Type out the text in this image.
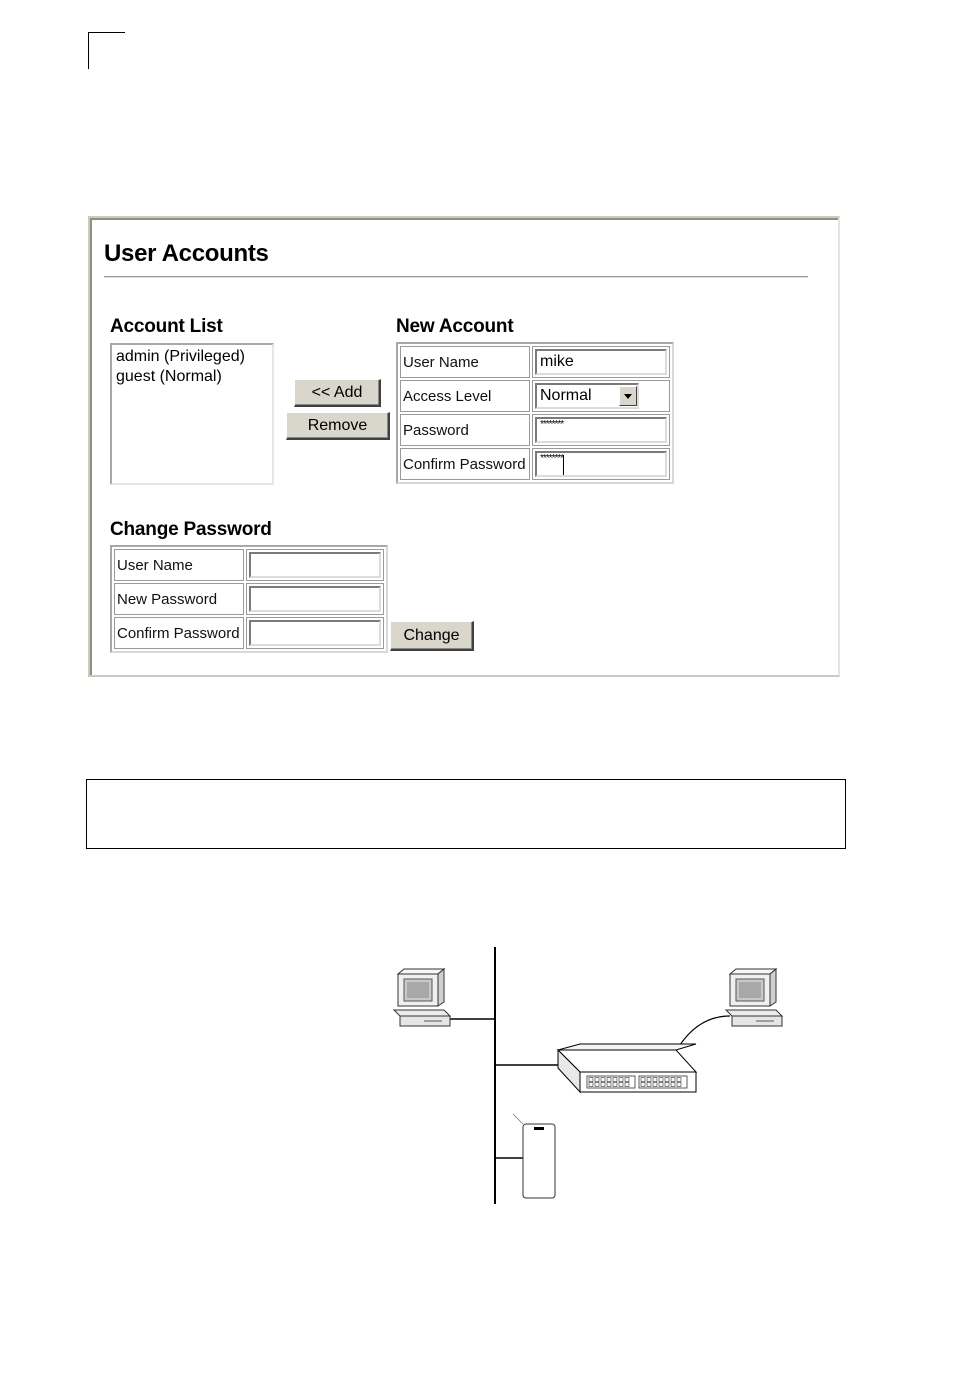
User Accounts
Account List
admin (Privileged)
guest (Normal)
<< Add
Remove
New Account
User Name	mike

Access Level	Normal

Password	********

Confirm Password	********
Change Password
User Name	

New Password	

Confirm Password		Change
